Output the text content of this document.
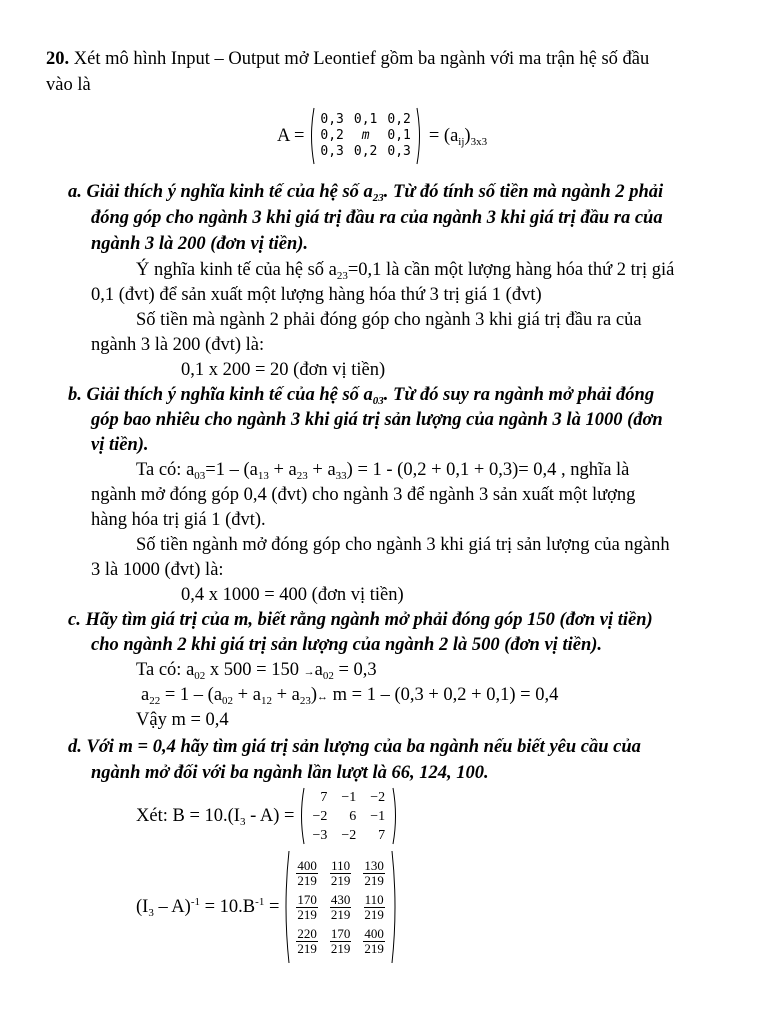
20. Xét mô hình Input – Output mở Leontief gồm ba ngành với ma trận hệ số đầu
vào là
A =
0,3	0,1	0,2
0,2	m	0,1
0,3	0,2	0,3
= $(a_{ij})_{3x3}$
a. Giải thích ý nghĩa kinh tế của hệ số $a_{23}$. Từ đó tính số tiền mà ngành 2 phải
đóng góp cho ngành 3 khi giá trị đầu ra của ngành 3 khi giá trị đầu ra của
ngành 3 là 200 (đơn vị tiền).
Ý nghĩa kinh tế của hệ số $a_{23}=0,1$ là cần một lượng hàng hóa thứ 2 trị giá
0,1 (đvt) để sản xuất một lượng hàng hóa thứ 3 trị giá 1 (đvt)
Số tiền mà ngành 2 phải đóng góp cho ngành 3 khi giá trị đầu ra của
ngành 3 là 200 (đvt) là:
0,1 x 200 = 20 (đơn vị tiền)
b. Giải thích ý nghĩa kinh tế của hệ số $a_{03}$. Từ đó suy ra ngành mở phải đóng
góp bao nhiêu cho ngành 3 khi giá trị sản lượng của ngành 3 là 1000 (đơn
vị tiền).
Ta có: $a_{03}=1 - (a_{13} + a_{23} + a_{33}) = 1 - (0,2 + 0,1 + 0,3)= 0,4$ , nghĩa là
ngành mở đóng góp 0,4 (đvt) cho ngành 3 để ngành 3 sản xuất một lượng
hàng hóa trị giá 1 (đvt).
Số tiền ngành mở đóng góp cho ngành 3 khi giá trị sản lượng của ngành
3 là 1000 (đvt) là:
0,4 x 1000 = 400 (đơn vị tiền)
c. Hãy tìm giá trị của m, biết rằng ngành mở phải đóng góp 150 (đơn vị tiền)
cho ngành 2 khi giá trị sản lượng của ngành 2 là 500 (đơn vị tiền).
Ta có: $a_{02}$ x $500 = 150 \to a_{02} = 0,3$
$a_{22} = 1 - (a_{02} + a_{12}$ + $a_{23})\leftrightarrow$ m = 1 – (0,3 + 0,2 + 0,1) = 0,4
Vậy m = 0,4
d. Với m = 0,4 hãy tìm giá trị sản lượng của ba ngành nếu biết yêu cầu của
ngành mở đối với ba ngành lần lượt là 66, 124, 100.
Xét: $B = 10.(I_3 - A)$ =
7	−1	−2
−2	6	−1
−3	−2	7
$(I_3 - A)^{-1} = 10.B^{-1}$ =
$\frac{400}{219}$	$\frac{110}{219}$	$\frac{130}{219}$

$\frac{170}{219}$	$\frac{430}{219}$	$\frac{110}{219}$

$\frac{220}{219}$	$\frac{170}{219}$	$\frac{400}{219}$
